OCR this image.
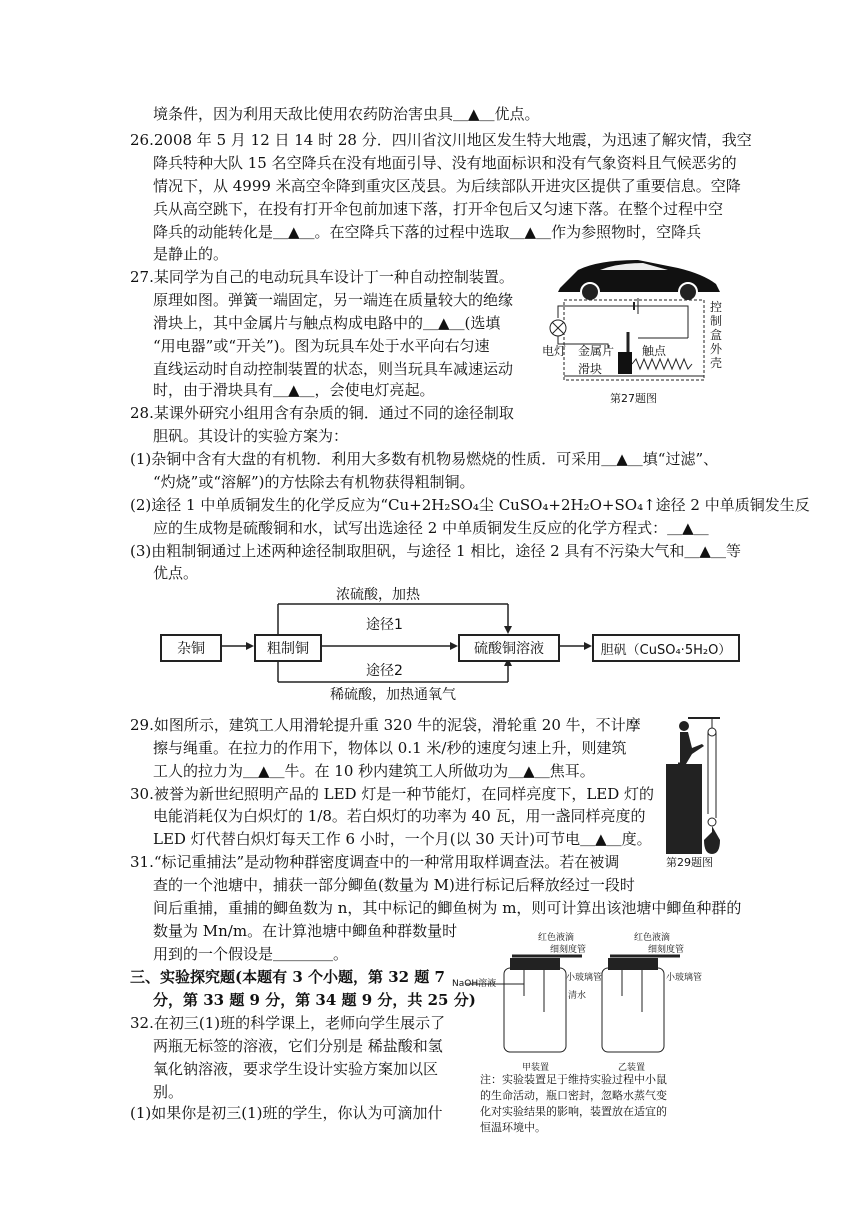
境条件，因为利用天敌比使用农药防治害虫具＿▲＿优点。
26.2008 年 5 月 12 日 14 时 28 分．四川省汶川地区发生特大地震，为迅速了解灾情，我空
降兵特种大队 15 名空降兵在没有地面引导、没有地面标识和没有气象资料且气候恶劣的
情况下，从 4999 米高空伞降到重灾区茂县。为后续部队开进灾区提供了重要信息。空降
兵从高空跳下，在投有打开伞包前加速下落，打开伞包后又匀速下落。在整个过程中空
降兵的动能转化是＿▲＿。在空降兵下落的过程中选取＿▲＿作为参照物时，空降兵
是静止的。
27.某同学为自己的电动玩具车设计丁一种自动控制装置。
原理如图。弹簧一端固定，另一端连在质量较大的绝缘
滑块上，其中金属片与触点构成电路中的＿▲＿(选填
“用电器”或“开关”)。图为玩具车处于水平向右匀速
直线运动时自动控制装置的状态，则当玩具车减速运动
时，由于滑块具有＿▲＿，会使电灯亮起。
28.某课外研究小组用含有杂质的铜．通过不同的途径制取
胆矾。其设计的实验方案为：
(1)杂铜中含有大盘的有机物．利用大多数有机物易燃烧的性质．可采用＿▲＿填“过滤”、
“灼烧”或“溶解”)的方怯除去有机物获得粗制铜。
(2)途径 1 中单质铜发生的化学反应为“Cu+2H₂SO₄尘 CuSO₄+2H₂O+SO₄↑途径 2 中单质铜发生反
应的生成物是硫酸铜和水，试写出选途径 2 中单质铜发生反应的化学方程式：＿▲＿
(3)由粗制铜通过上述两种途径制取胆矾，与途径 1 相比，途径 2 具有不污染大气和＿▲＿等
优点。
29.如图所示，建筑工人用滑轮提升重 320 牛的泥袋，滑轮重 20 牛，不计摩
擦与绳重。在拉力的作用下，物体以 0.1 米/秒的速度匀速上升，则建筑
工人的拉力为＿▲＿牛。在 10 秒内建筑工人所做功为＿▲＿焦耳。
30.被誉为新世纪照明产品的 LED 灯是一种节能灯，在同样亮度下，LED 灯的
电能消耗仅为白炽灯的 1/8。若白炽灯的功率为 40 瓦，用一盏同样亮度的
LED 灯代替白炽灯每天工作 6 小时，一个月(以 30 天计)可节电＿▲＿度。
31.“标记重捕法”是动物种群密度调查中的一种常用取样调查法。若在被调
查的一个池塘中，捕获一部分鲫鱼(数量为 M)进行标记后释放经过一段时
间后重捕，重捕的鲫鱼数为 n，其中标记的鲫鱼树为 m，则可计算出该池塘中鲫鱼种群的
数量为 Mn/m。在计算池塘中鲫鱼种群数量时
用到的一个假设是＿＿＿＿。
三、实验探究题(本题有 3 个小题，第 32 题 7
分，第 33 题 9 分，第 34 题 9 分，共 25 分)
32.在初三(1)班的科学课上，老师向学生展示了
两瓶无标签的溶液，它们分别是 稀盐酸和氢
氧化钠溶液，要求学生设计实验方案加以区
别。
(1)如果你是初三(1)班的学生，你认为可滴加什
电灯 金属片 触点
滑块
控制盒外壳
第27题图
杂铜	粗制铜	硫酸铜溶液	胆矾（CuSO₄·5H₂O）
浓硫酸，加热
途径1
途径2
稀硫酸，加热通氧气
第29题图
红色液滴
细刻度管
小玻璃管
NaOH溶液
清水
红色液滴
细刻度管
小玻璃管
甲装置	乙装置
注：实验装置足于维持实验过程中小鼠
的生命活动，瓶口密封，忽略水蒸气变
化对实验结果的影响，装置放在适宜的
恒温环境中。
